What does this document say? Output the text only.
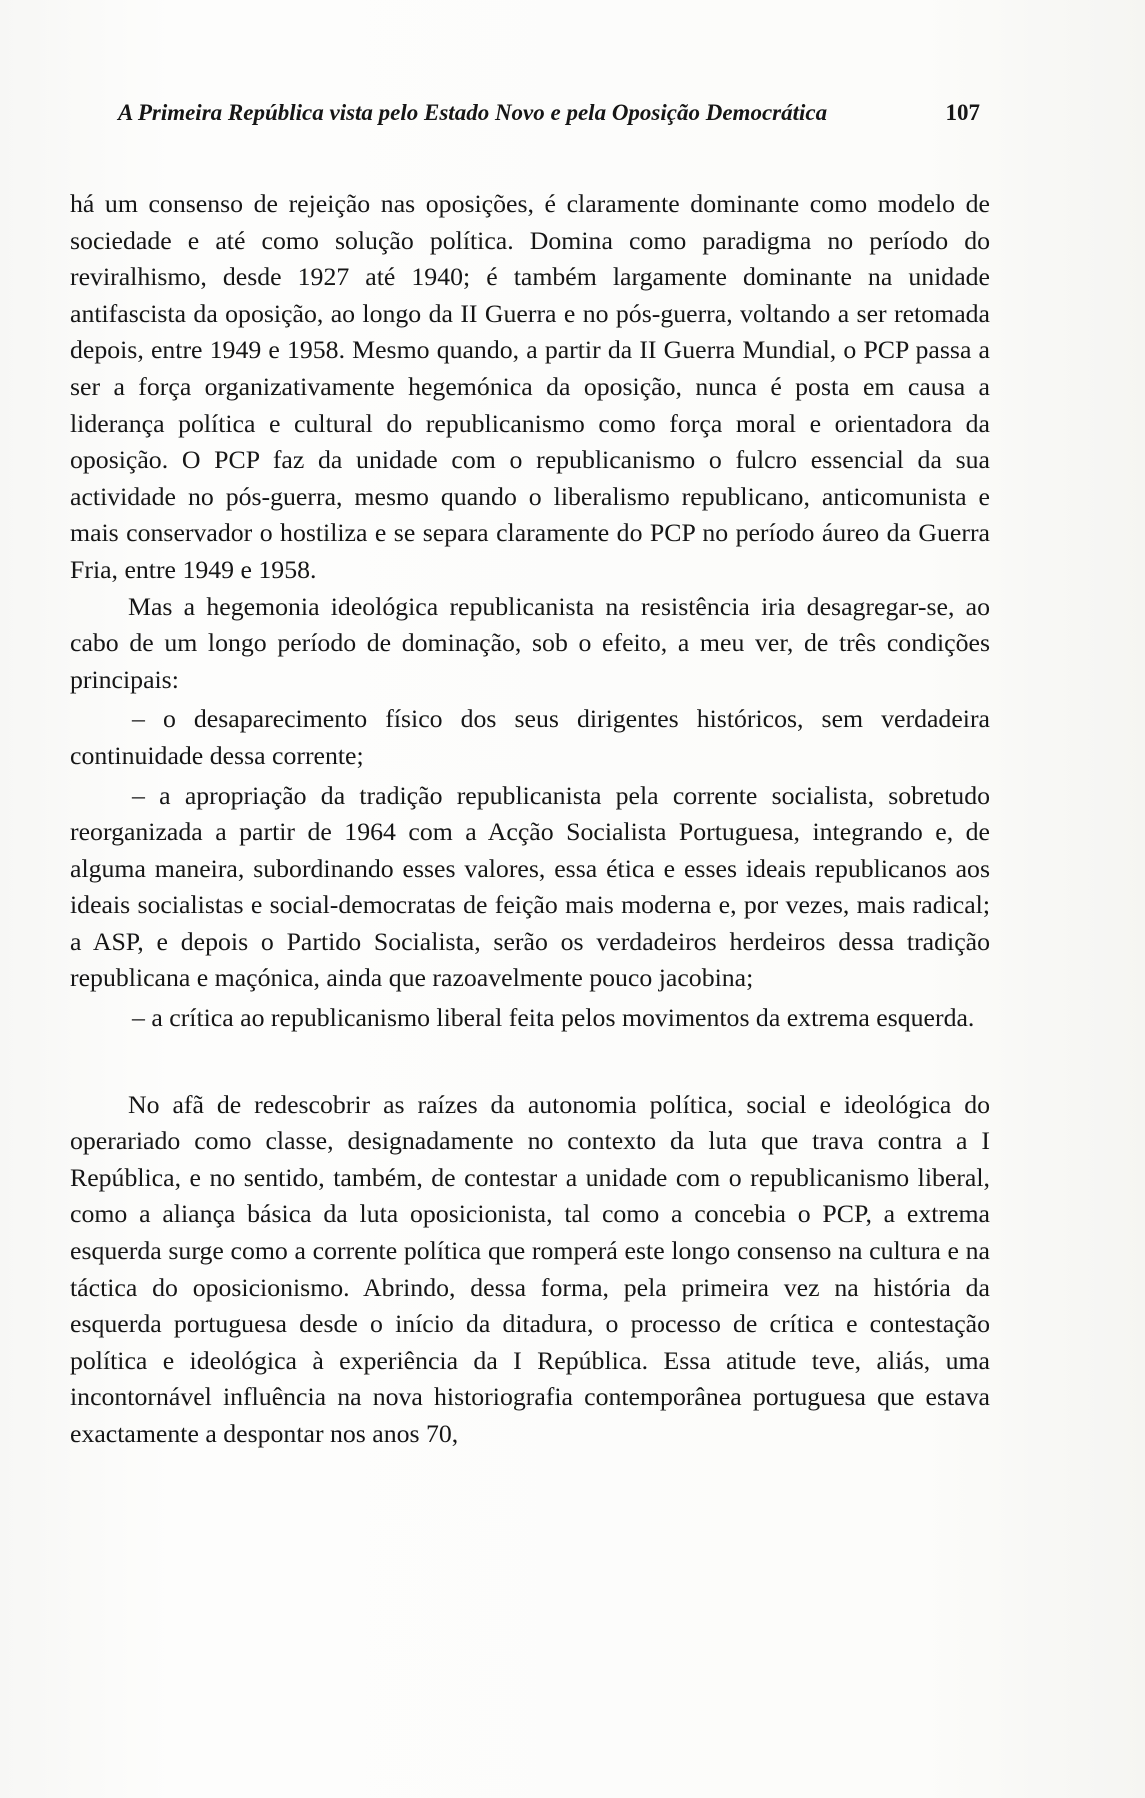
A Primeira República vista pelo Estado Novo e pela Oposição Democrática	107

há um consenso de rejeição nas oposições, é claramente dominante como modelo de sociedade e até como solução política. Domina como paradigma no período do reviralhismo, desde 1927 até 1940; é também largamente dominante na unidade antifascista da oposição, ao longo da II Guerra e no pós-guerra, voltando a ser retomada depois, entre 1949 e 1958. Mesmo quando, a partir da II Guerra Mundial, o PCP passa a ser a força organizativamente hegemónica da oposição, nunca é posta em causa a liderança política e cultural do republicanismo como força moral e orientadora da oposição. O PCP faz da unidade com o republicanismo o fulcro essencial da sua actividade no pós-guerra, mesmo quando o liberalismo republicano, anticomunista e mais conservador o hostiliza e se separa claramente do PCP no período áureo da Guerra Fria, entre 1949 e 1958.

Mas a hegemonia ideológica republicanista na resistência iria desagregar-se, ao cabo de um longo período de dominação, sob o efeito, a meu ver, de três condições principais:

– o desaparecimento físico dos seus dirigentes históricos, sem verdadeira continuidade dessa corrente;

– a apropriação da tradição republicanista pela corrente socialista, sobretudo reorganizada a partir de 1964 com a Acção Socialista Portuguesa, integrando e, de alguma maneira, subordinando esses valores, essa ética e esses ideais republicanos aos ideais socialistas e social-democratas de feição mais moderna e, por vezes, mais radical; a ASP, e depois o Partido Socialista, serão os verdadeiros herdeiros dessa tradição republicana e maçónica, ainda que razoavelmente pouco jacobina;

– a crítica ao republicanismo liberal feita pelos movimentos da extrema esquerda.

No afã de redescobrir as raízes da autonomia política, social e ideológica do operariado como classe, designadamente no contexto da luta que trava contra a I República, e no sentido, também, de contestar a unidade com o republicanismo liberal, como a aliança básica da luta oposicionista, tal como a concebia o PCP, a extrema esquerda surge como a corrente política que romperá este longo consenso na cultura e na táctica do oposicionismo. Abrindo, dessa forma, pela primeira vez na história da esquerda portuguesa desde o início da ditadura, o processo de crítica e contestação política e ideológica à experiência da I República. Essa atitude teve, aliás, uma incontornável influência na nova historiografia contemporânea portuguesa que estava exactamente a despontar nos anos 70,
